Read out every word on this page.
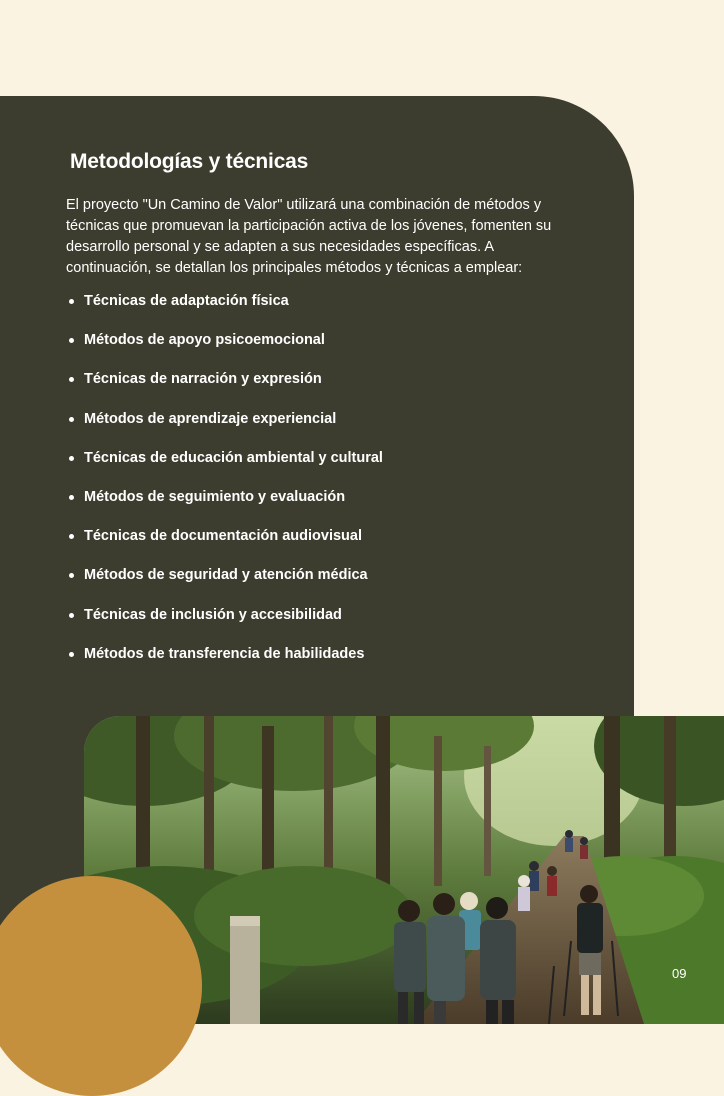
Metodologías y técnicas

El proyecto "Un Camino de Valor" utilizará una combinación de métodos y técnicas que promuevan la participación activa de los jóvenes, fomenten su desarrollo personal y se adapten a sus necesidades específicas. A continuación, se detallan los principales métodos y técnicas a emplear:

Técnicas de adaptación física
Métodos de apoyo psicoemocional
Técnicas de narración y expresión
Métodos de aprendizaje experiencial
Técnicas de educación ambiental y cultural
Métodos de seguimiento y evaluación
Técnicas de documentación audiovisual
Métodos de seguridad y atención médica
Técnicas de inclusión y accesibilidad
Métodos de transferencia de habilidades
09
